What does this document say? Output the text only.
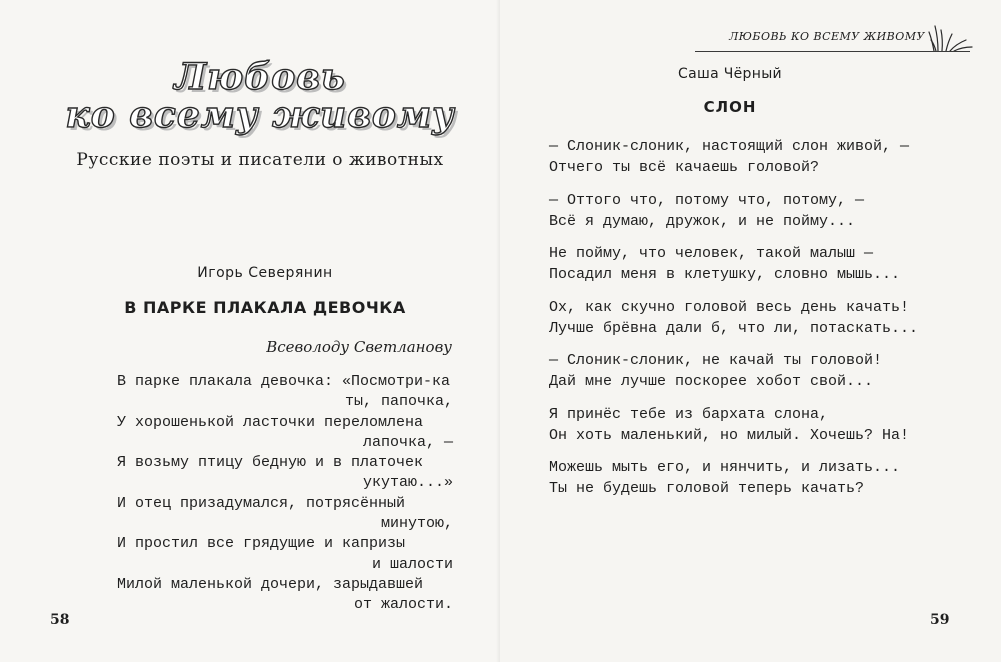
Любовь
ко всему живому
Русские поэты и писатели о животных
Игорь Северянин
В ПАРКЕ ПЛАКАЛА ДЕВОЧКА
Всеволоду Светланову
В парке плакала девочка: «Посмотри-ка
ты, папочка,
У хорошенькой ласточки переломлена
лапочка, —
Я возьму птицу бедную и в платочек
укутаю...»
И отец призадумался, потрясённый
минутою,
И простил все грядущие и капризы
и шалости
Милой маленькой дочери, зарыдавшей
от жалости.
58
ЛЮБОВЬ КО ВСЕМУ ЖИВОМУ
Саша Чёрный
СЛОН
— Слоник-слоник, настоящий слон живой, —
Отчего ты всё качаешь головой?
— Оттого что, потому что, потому, —
Всё я думаю, дружок, и не пойму...
Не пойму, что человек, такой малыш —
Посадил меня в клетушку, словно мышь...
Ох, как скучно головой весь день качать!
Лучше брёвна дали б, что ли, потаскать...
— Слоник-слоник, не качай ты головой!
Дай мне лучше поскорее хобот свой...
Я принёс тебе из бархата слона,
Он хоть маленький, но милый. Хочешь? На!
Можешь мыть его, и нянчить, и лизать...
Ты не будешь головой теперь качать?
59
